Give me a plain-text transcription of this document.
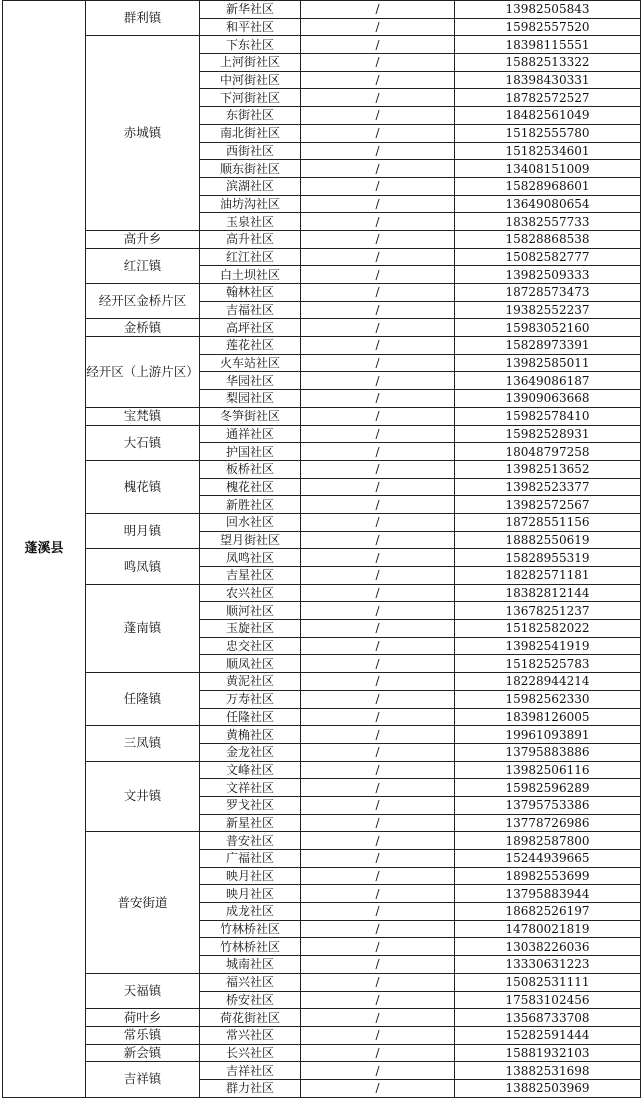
蓬溪县	群利镇	新华社区	/	13982505843
		和平社区	/	15982557520
	赤城镇	下东社区	/	18398115551
		上河街社区	/	15882513322
		中河街社区	/	18398430331
		下河街社区	/	18782572527
		东街社区	/	18482561049
		南北街社区	/	15182555780
		西街社区	/	15182534601
		顺东街社区	/	13408151009
		滨湖社区	/	15828968601
		油坊沟社区	/	13649080654
		玉泉社区	/	18382557733
	高升乡	高升社区	/	15828868538
	红江镇	红江社区	/	15082582777
		白土坝社区	/	13982509333
	经开区金桥片区	翰林社区	/	18728573473
		吉福社区	/	19382552237
	金桥镇	高坪社区	/	15983052160
	经开区（上游片区）	莲花社区	/	15828973391
		火车站社区	/	13982585011
		华园社区	/	13649086187
		梨园社区	/	13909063668
	宝梵镇	冬笋街社区	/	15982578410
	大石镇	通祥社区	/	15982528931
		护国社区	/	18048797258
	槐花镇	板桥社区	/	13982513652
		槐花社区	/	13982523377
		新胜社区	/	13982572567
	明月镇	回水社区	/	18728551156
		望月街社区	/	18882550619
	鸣凤镇	凤鸣社区	/	15828955319
		吉星社区	/	18282571181
	蓬南镇	农兴社区	/	18382812144
		顺河社区	/	13678251237
		玉旋社区	/	15182582022
		忠交社区	/	13982541919
		顺凤社区	/	15182525783
	任隆镇	黄泥社区	/	18228944214
		万寿社区	/	15982562330
		任隆社区	/	18398126005
	三凤镇	黄桷社区	/	19961093891
		金龙社区	/	13795883886
	文井镇	文峰社区	/	13982506116
		文祥社区	/	15982596289
		罗戈社区	/	13795753386
		新星社区	/	13778726986
	普安街道	普安社区	/	18982587800
		广福社区	/	15244939665
		映月社区	/	18982553699
		映月社区	/	13795883944
		成龙社区	/	18682526197
		竹林桥社区	/	14780021819
		竹林桥社区	/	13038226036
		城南社区	/	13330631223
	天福镇	福兴社区	/	15082531111
		桥安社区	/	17583102456
	荷叶乡	荷花街社区	/	13568733708
	常乐镇	常兴社区	/	15282591444
	新会镇	长兴社区	/	15881932103
	吉祥镇	吉祥社区	/	13882531698
		群力社区	/	13882503969
